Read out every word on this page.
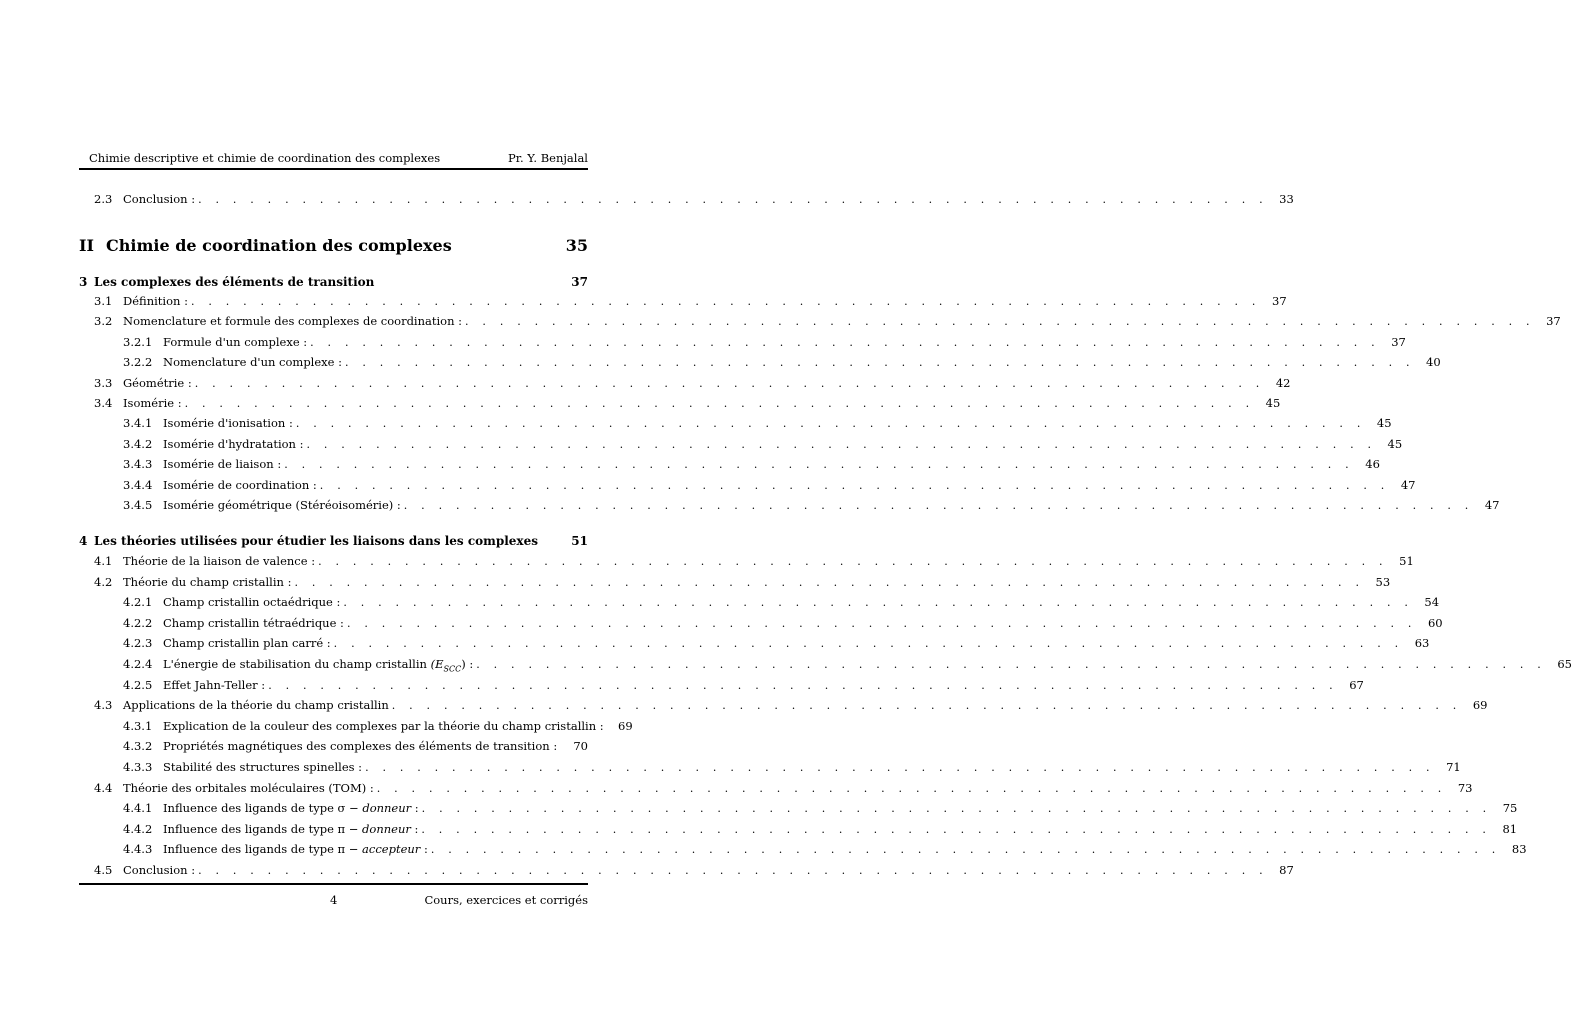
Chimie descriptive et chimie de coordination des complexes	Pr. Y. Benjalal
2.3 Conclusion : . . . . . . . . . . . . . . . . . . . . . . . . . . . . . . . . . . . . . . . . . . . . . . . . . . . . . . . . . . . . . . 33
II Chimie de coordination des complexes	35
3 Les complexes des éléments de transition	37
3.1 Définition : . . . . . . . . . . . . . . . . . . . . . . . . . . . . . . . . . . . . . . . . . . . . . . . . . . . . . . . . . . . . . . 37
3.2 Nomenclature et formule des complexes de coordination : . . . . . . . . . . . . . . . . . . . . . . . . . . . . . . . . . . . . . . . . . . . . . . . . . . . . . . . . . . . . . . 37
3.2.1 Formule d'un complexe : . . . . . . . . . . . . . . . . . . . . . . . . . . . . . . . . . . . . . . . . . . . . . . . . . . . . . . . . . . . . . . 37
3.2.2 Nomenclature d'un complexe : . . . . . . . . . . . . . . . . . . . . . . . . . . . . . . . . . . . . . . . . . . . . . . . . . . . . . . . . . . . . . . 40
3.3 Géométrie : . . . . . . . . . . . . . . . . . . . . . . . . . . . . . . . . . . . . . . . . . . . . . . . . . . . . . . . . . . . . . . 42
3.4 Isomérie : . . . . . . . . . . . . . . . . . . . . . . . . . . . . . . . . . . . . . . . . . . . . . . . . . . . . . . . . . . . . . . 45
3.4.1 Isomérie d'ionisation : . . . . . . . . . . . . . . . . . . . . . . . . . . . . . . . . . . . . . . . . . . . . . . . . . . . . . . . . . . . . . . 45
3.4.2 Isomérie d'hydratation : . . . . . . . . . . . . . . . . . . . . . . . . . . . . . . . . . . . . . . . . . . . . . . . . . . . . . . . . . . . . . . 45
3.4.3 Isomérie de liaison : . . . . . . . . . . . . . . . . . . . . . . . . . . . . . . . . . . . . . . . . . . . . . . . . . . . . . . . . . . . . . . 46
3.4.4 Isomérie de coordination : . . . . . . . . . . . . . . . . . . . . . . . . . . . . . . . . . . . . . . . . . . . . . . . . . . . . . . . . . . . . . . 47
3.4.5 Isomérie géométrique (Stéréoisomérie) : . . . . . . . . . . . . . . . . . . . . . . . . . . . . . . . . . . . . . . . . . . . . . . . . . . . . . . . . . . . . . . 47
4 Les théories utilisées pour étudier les liaisons dans les complexes	51
4.1 Théorie de la liaison de valence : . . . . . . . . . . . . . . . . . . . . . . . . . . . . . . . . . . . . . . . . . . . . . . . . . . . . . . . . . . . . . . 51
4.2 Théorie du champ cristallin : . . . . . . . . . . . . . . . . . . . . . . . . . . . . . . . . . . . . . . . . . . . . . . . . . . . . . . . . . . . . . . 53
4.2.1 Champ cristallin octaédrique : . . . . . . . . . . . . . . . . . . . . . . . . . . . . . . . . . . . . . . . . . . . . . . . . . . . . . . . . . . . . . . 54
4.2.2 Champ cristallin tétraédrique : . . . . . . . . . . . . . . . . . . . . . . . . . . . . . . . . . . . . . . . . . . . . . . . . . . . . . . . . . . . . . . 60
4.2.3 Champ cristallin plan carré : . . . . . . . . . . . . . . . . . . . . . . . . . . . . . . . . . . . . . . . . . . . . . . . . . . . . . . . . . . . . . . 63
4.2.4 L'énergie de stabilisation du champ cristallin $(E_{SCC})$ : . . . . . . . . . . . . . . . . . . . . . . . . . . . . . . . . . . . . . . . . . . . . . . . . . . . . . . . . . . . . . . 65
4.2.5 Effet Jahn-Teller : . . . . . . . . . . . . . . . . . . . . . . . . . . . . . . . . . . . . . . . . . . . . . . . . . . . . . . . . . . . . . . 67
4.3 Applications de la théorie du champ cristallin . . . . . . . . . . . . . . . . . . . . . . . . . . . . . . . . . . . . . . . . . . . . . . . . . . . . . . . . . . . . . . 69
4.3.1 Explication de la couleur des complexes par la théorie du champ cristallin :	69
4.3.2 Propriétés magnétiques des complexes des éléments de transition :	70
4.3.3 Stabilité des structures spinelles : . . . . . . . . . . . . . . . . . . . . . . . . . . . . . . . . . . . . . . . . . . . . . . . . . . . . . . . . . . . . . . 71
4.4 Théorie des orbitales moléculaires (TOM) : . . . . . . . . . . . . . . . . . . . . . . . . . . . . . . . . . . . . . . . . . . . . . . . . . . . . . . . . . . . . . . 73
4.4.1 Influence des ligands de type σ − donneur : . . . . . . . . . . . . . . . . . . . . . . . . . . . . . . . . . . . . . . . . . . . . . . . . . . . . . . . . . . . . . . 75
4.4.2 Influence des ligands de type π − donneur : . . . . . . . . . . . . . . . . . . . . . . . . . . . . . . . . . . . . . . . . . . . . . . . . . . . . . . . . . . . . . . 81
4.4.3 Influence des ligands de type π − accepteur : . . . . . . . . . . . . . . . . . . . . . . . . . . . . . . . . . . . . . . . . . . . . . . . . . . . . . . . . . . . . . . 83
4.5 Conclusion : . . . . . . . . . . . . . . . . . . . . . . . . . . . . . . . . . . . . . . . . . . . . . . . . . . . . . . . . . . . . . . 87
4	Cours, exercices et corrigés
